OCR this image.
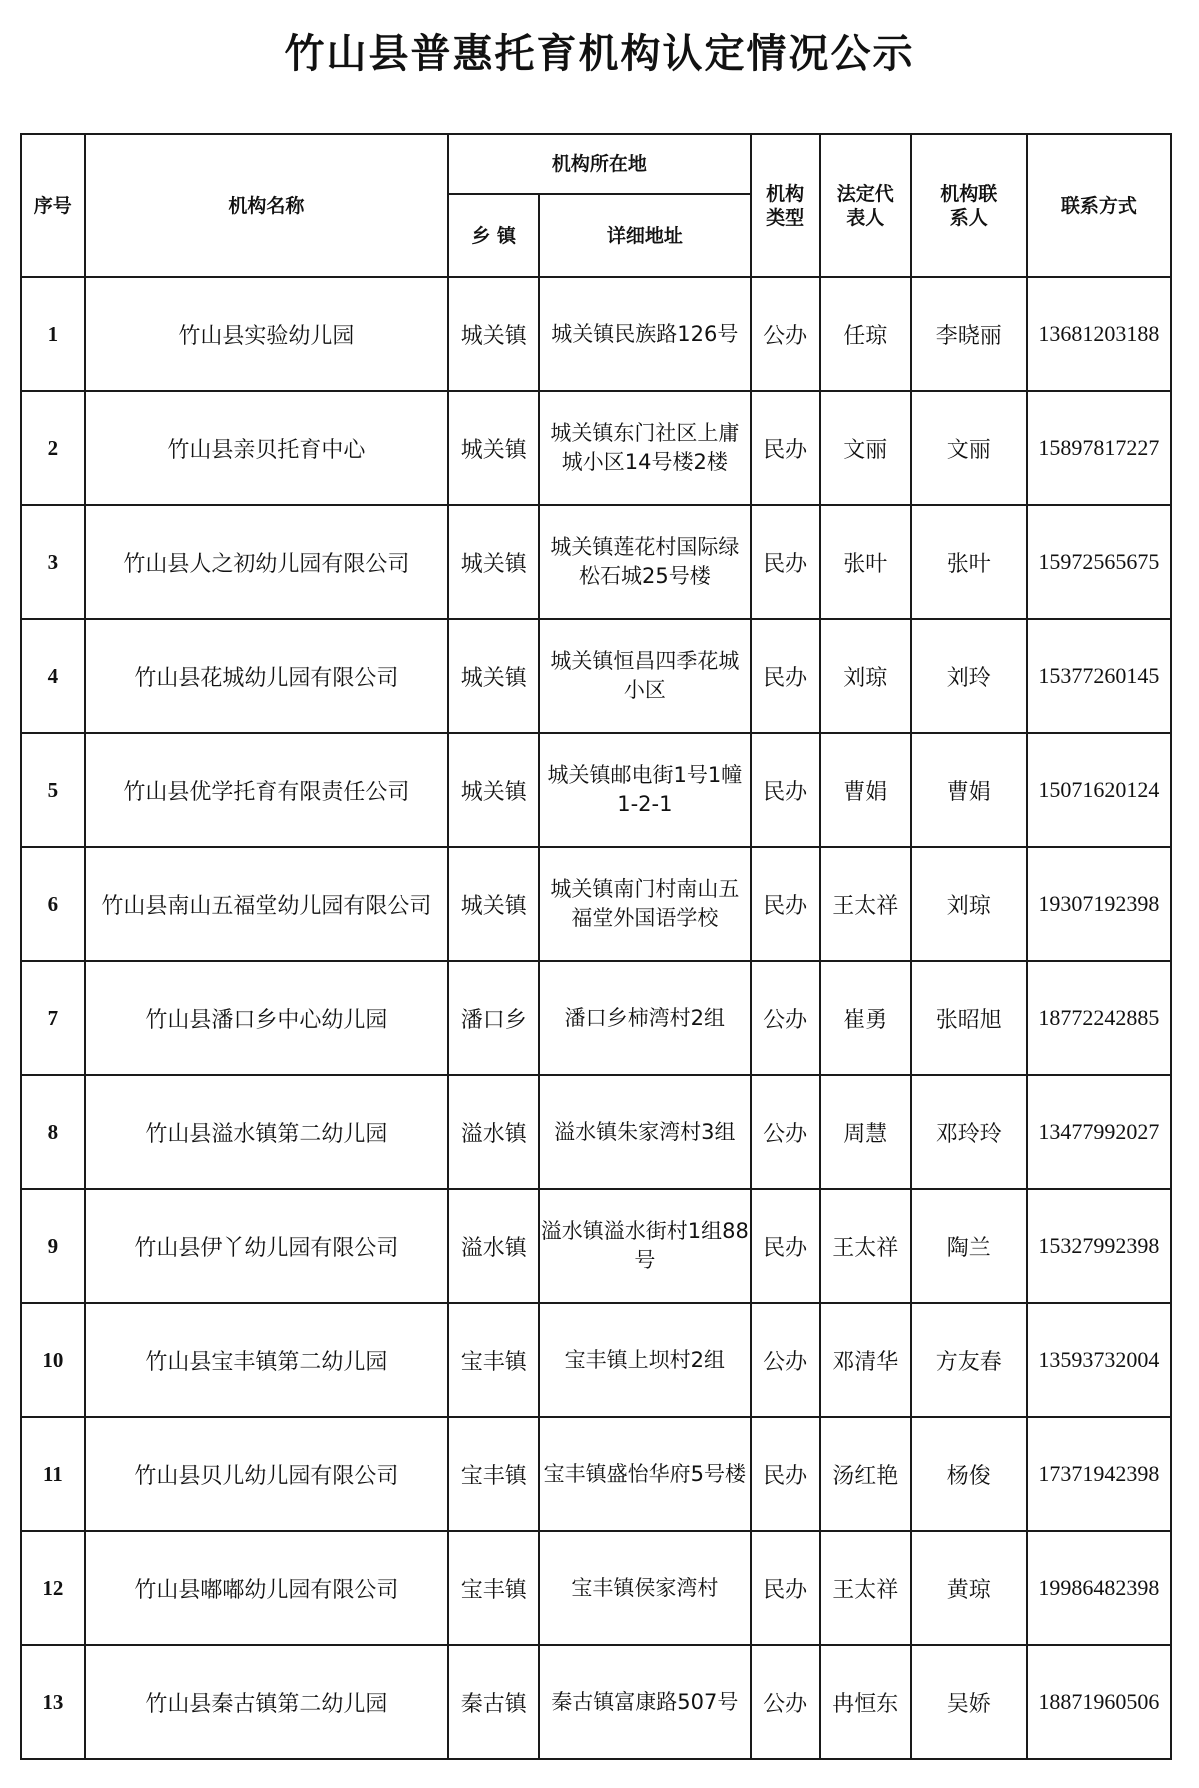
竹山县普惠托育机构认定情况公示
序号	机构名称	机构所在地		机构类型	法定代表人	机构联系人	联系方式
		乡 镇	详细地址				
1	竹山县实验幼儿园	城关镇	城关镇民族路126号	公办	任琼	李晓丽	13681203188
2	竹山县亲贝托育中心	城关镇	城关镇东门社区上庸城小区14号楼2楼	民办	文丽	文丽	15897817227
3	竹山县人之初幼儿园有限公司	城关镇	城关镇莲花村国际绿松石城25号楼	民办	张叶	张叶	15972565675
4	竹山县花城幼儿园有限公司	城关镇	城关镇恒昌四季花城小区	民办	刘琼	刘玲	15377260145
5	竹山县优学托育有限责任公司	城关镇	城关镇邮电街1号1幢1-2-1	民办	曹娟	曹娟	15071620124
6	竹山县南山五福堂幼儿园有限公司	城关镇	城关镇南门村南山五福堂外国语学校	民办	王太祥	刘琼	19307192398
7	竹山县潘口乡中心幼儿园	潘口乡	潘口乡柿湾村2组	公办	崔勇	张昭旭	18772242885
8	竹山县溢水镇第二幼儿园	溢水镇	溢水镇朱家湾村3组	公办	周慧	邓玲玲	13477992027
9	竹山县伊丫幼儿园有限公司	溢水镇	溢水镇溢水街村1组88号	民办	王太祥	陶兰	15327992398
10	竹山县宝丰镇第二幼儿园	宝丰镇	宝丰镇上坝村2组	公办	邓清华	方友春	13593732004
11	竹山县贝儿幼儿园有限公司	宝丰镇	宝丰镇盛怡华府5号楼	民办	汤红艳	杨俊	17371942398
12	竹山县嘟嘟幼儿园有限公司	宝丰镇	宝丰镇侯家湾村	民办	王太祥	黄琼	19986482398
13	竹山县秦古镇第二幼儿园	秦古镇	秦古镇富康路507号	公办	冉恒东	吴娇	18871960506
